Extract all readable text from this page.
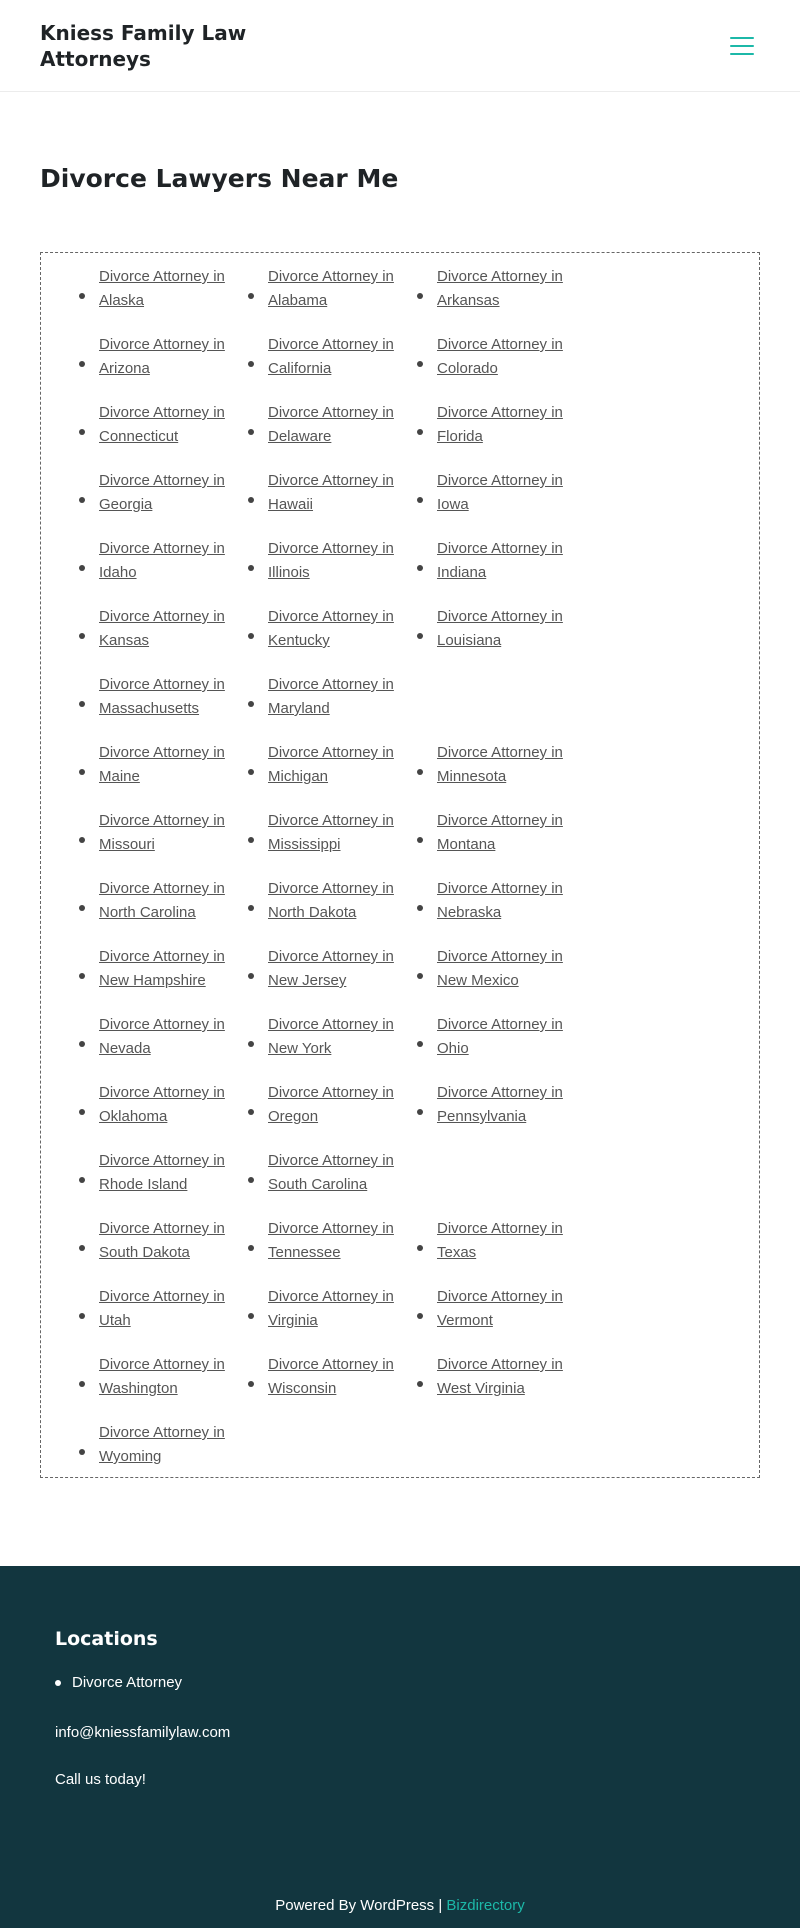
Kniess Family Law Attorneys
Divorce Lawyers Near Me
Divorce Attorney in
Alaska
Divorce Attorney in
Alabama
Divorce Attorney in
Arkansas
Divorce Attorney in
Arizona
Divorce Attorney in
California
Divorce Attorney in
Colorado
Divorce Attorney in
Connecticut
Divorce Attorney in
Delaware
Divorce Attorney in
Florida
Divorce Attorney in
Georgia
Divorce Attorney in
Hawaii
Divorce Attorney in
Iowa
Divorce Attorney in
Idaho
Divorce Attorney in
Illinois
Divorce Attorney in
Indiana
Divorce Attorney in
Kansas
Divorce Attorney in
Kentucky
Divorce Attorney in
Louisiana
Divorce Attorney in
Massachusetts
Divorce Attorney in
Maryland
Divorce Attorney in
Maine
Divorce Attorney in
Michigan
Divorce Attorney in
Minnesota
Divorce Attorney in
Missouri
Divorce Attorney in
Mississippi
Divorce Attorney in
Montana
Divorce Attorney in
North Carolina
Divorce Attorney in
North Dakota
Divorce Attorney in
Nebraska
Divorce Attorney in
New Hampshire
Divorce Attorney in
New Jersey
Divorce Attorney in
New Mexico
Divorce Attorney in
Nevada
Divorce Attorney in
New York
Divorce Attorney in
Ohio
Divorce Attorney in
Oklahoma
Divorce Attorney in
Oregon
Divorce Attorney in
Pennsylvania
Divorce Attorney in
Rhode Island
Divorce Attorney in
South Carolina
Divorce Attorney in
South Dakota
Divorce Attorney in
Tennessee
Divorce Attorney in
Texas
Divorce Attorney in
Utah
Divorce Attorney in
Virginia
Divorce Attorney in
Vermont
Divorce Attorney in
Washington
Divorce Attorney in
Wisconsin
Divorce Attorney in
West Virginia
Divorce Attorney in
Wyoming
Locations
Divorce Attorney

info@kniessfamilylaw.com

Call us today!

Powered By WordPress | Bizdirectory
